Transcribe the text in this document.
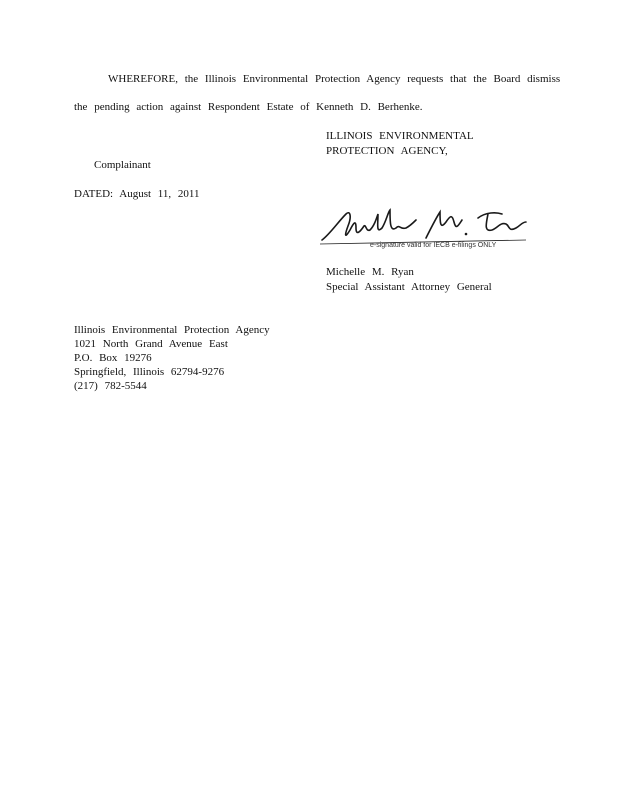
WHEREFORE, the Illinois Environmental Protection Agency requests that the Board dismiss
the pending action against Respondent Estate of Kenneth D. Berhenke.
ILLINOIS ENVIRONMENTAL
PROTECTION AGENCY,
Complainant
DATED: August 11, 2011
e-signature valid for IECB e-filings ONLY
Michelle M. Ryan
Special Assistant Attorney General
Illinois Environmental Protection Agency
1021 North Grand Avenue East
P.O. Box 19276
Springfield, Illinois 62794-9276
(217) 782-5544
